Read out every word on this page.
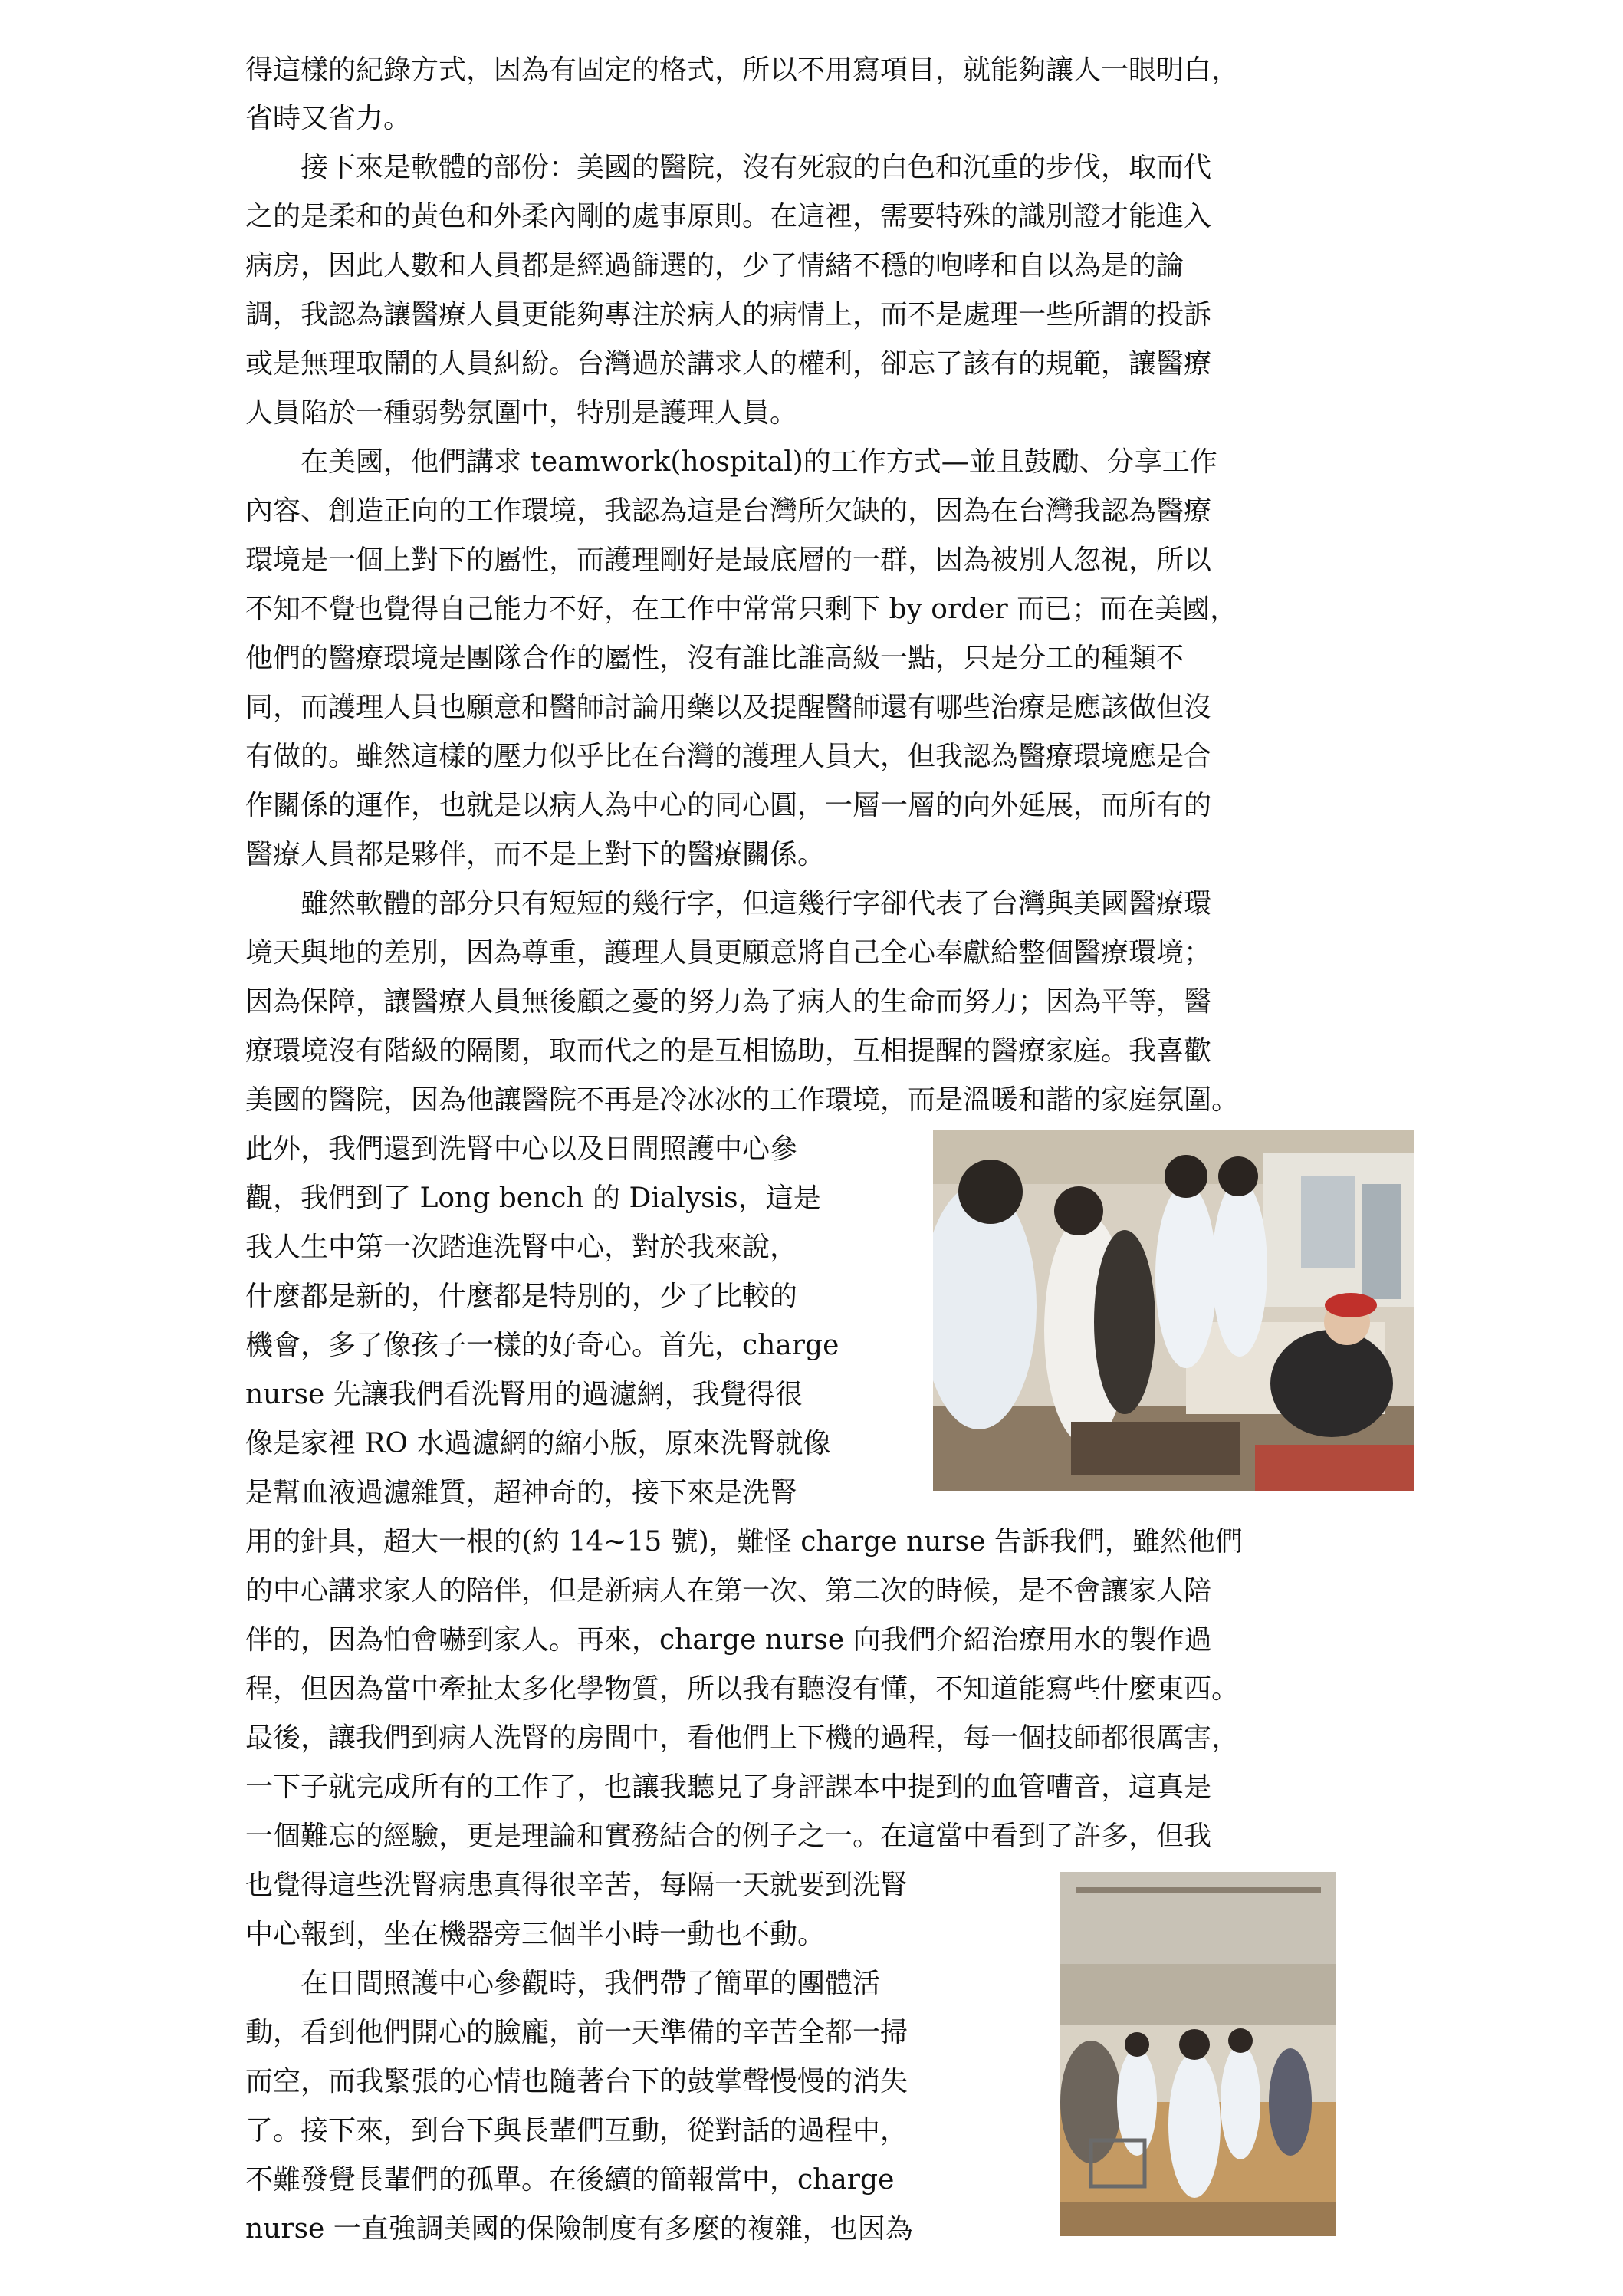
得這樣的紀錄方式，因為有固定的格式，所以不用寫項目，就能夠讓人一眼明白，
省時又省力。
　　接下來是軟體的部份：美國的醫院，沒有死寂的白色和沉重的步伐，取而代
之的是柔和的黃色和外柔內剛的處事原則。在這裡，需要特殊的識別證才能進入
病房，因此人數和人員都是經過篩選的，少了情緒不穩的咆哮和自以為是的論
調，我認為讓醫療人員更能夠專注於病人的病情上，而不是處理一些所謂的投訴
或是無理取鬧的人員糾紛。台灣過於講求人的權利，卻忘了該有的規範，讓醫療
人員陷於一種弱勢氛圍中，特別是護理人員。
　　在美國，他們講求 teamwork(hospital)的工作方式—並且鼓勵、分享工作
內容、創造正向的工作環境，我認為這是台灣所欠缺的，因為在台灣我認為醫療
環境是一個上對下的屬性，而護理剛好是最底層的一群，因為被別人忽視，所以
不知不覺也覺得自己能力不好，在工作中常常只剩下 by order 而已；而在美國，
他們的醫療環境是團隊合作的屬性，沒有誰比誰高級一點，只是分工的種類不
同，而護理人員也願意和醫師討論用藥以及提醒醫師還有哪些治療是應該做但沒
有做的。雖然這樣的壓力似乎比在台灣的護理人員大，但我認為醫療環境應是合
作關係的運作，也就是以病人為中心的同心圓，一層一層的向外延展，而所有的
醫療人員都是夥伴，而不是上對下的醫療關係。
　　雖然軟體的部分只有短短的幾行字，但這幾行字卻代表了台灣與美國醫療環
境天與地的差別，因為尊重，護理人員更願意將自己全心奉獻給整個醫療環境；
因為保障，讓醫療人員無後顧之憂的努力為了病人的生命而努力；因為平等，醫
療環境沒有階級的隔閡，取而代之的是互相協助，互相提醒的醫療家庭。我喜歡
美國的醫院，因為他讓醫院不再是冷冰冰的工作環境，而是溫暖和諧的家庭氛圍。
此外，我們還到洗腎中心以及日間照護中心參
觀，我們到了 Long bench 的 Dialysis，這是
我人生中第一次踏進洗腎中心，對於我來說，
什麼都是新的，什麼都是特別的，少了比較的
機會，多了像孩子一樣的好奇心。首先，charge
nurse 先讓我們看洗腎用的過濾網，我覺得很
像是家裡 RO 水過濾網的縮小版，原來洗腎就像
是幫血液過濾雜質，超神奇的，接下來是洗腎
用的針具，超大一根的(約 14~15 號)，難怪 charge nurse 告訴我們，雖然他們
的中心講求家人的陪伴，但是新病人在第一次、第二次的時候，是不會讓家人陪
伴的，因為怕會嚇到家人。再來，charge nurse 向我們介紹治療用水的製作過
程，但因為當中牽扯太多化學物質，所以我有聽沒有懂，不知道能寫些什麼東西。
最後，讓我們到病人洗腎的房間中，看他們上下機的過程，每一個技師都很厲害，
一下子就完成所有的工作了，也讓我聽見了身評課本中提到的血管嘈音，這真是
一個難忘的經驗，更是理論和實務結合的例子之一。在這當中看到了許多，但我
也覺得這些洗腎病患真得很辛苦，每隔一天就要到洗腎
中心報到，坐在機器旁三個半小時一動也不動。
　　在日間照護中心參觀時，我們帶了簡單的團體活
動，看到他們開心的臉龐，前一天準備的辛苦全都一掃
而空，而我緊張的心情也隨著台下的鼓掌聲慢慢的消失
了。接下來，到台下與長輩們互動，從對話的過程中，
不難發覺長輩們的孤單。在後續的簡報當中，charge
nurse 一直強調美國的保險制度有多麼的複雜，也因為
